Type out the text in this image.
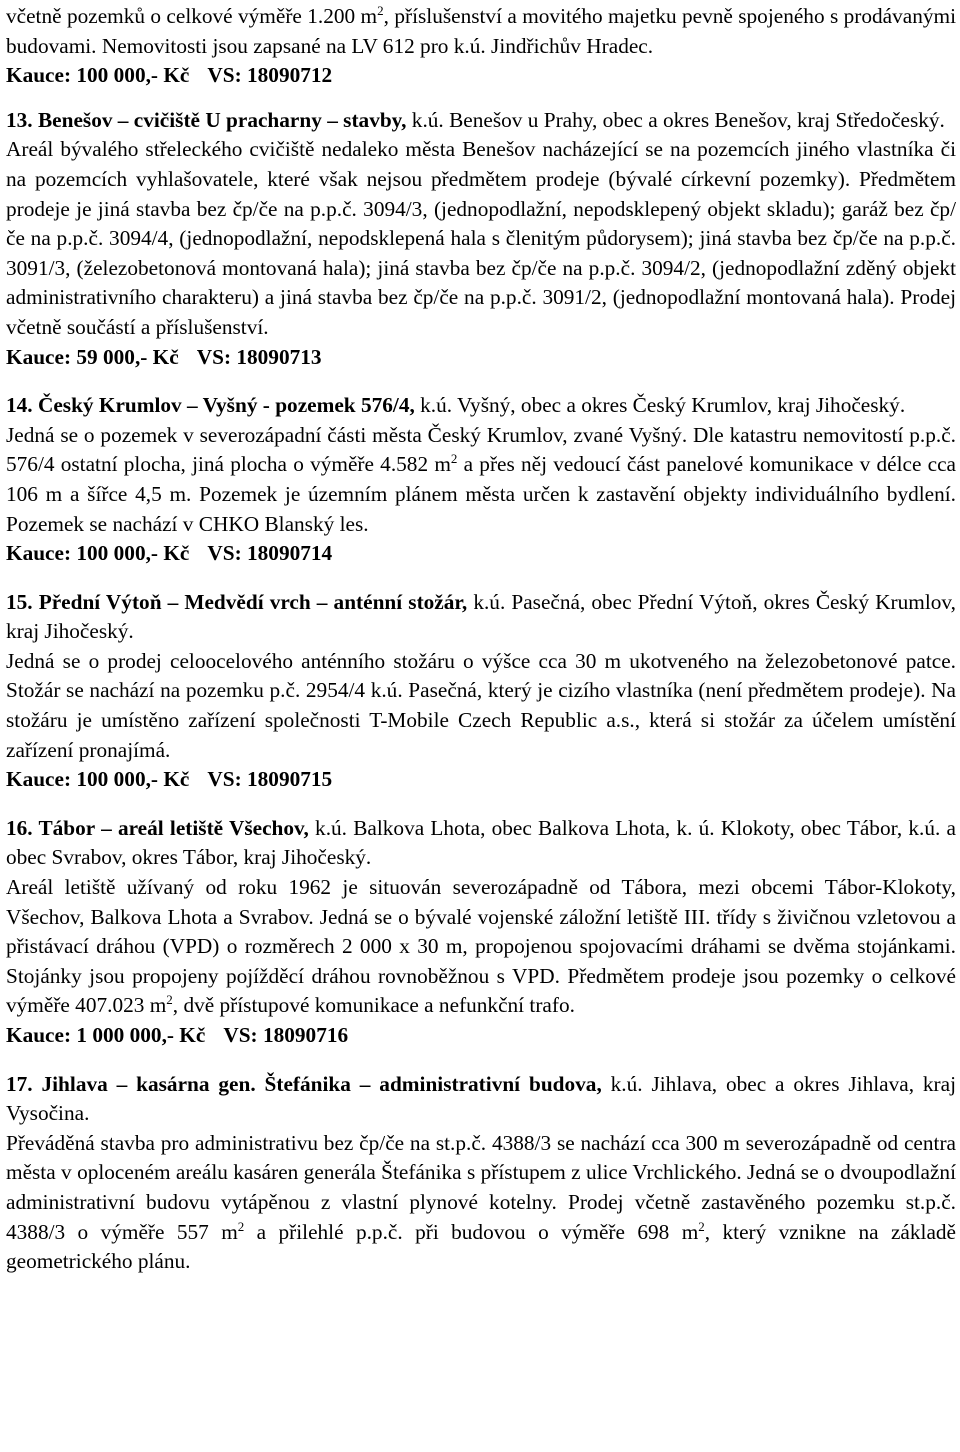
včetně pozemků o celkové výměře 1.200 $m^2$, příslušenství a movitého majetku pevně spojeného s prodávanými budovami. Nemovitosti jsou zapsané na LV 612 pro k.ú. Jindřichův Hradec.

Kauce: 100 000,- Kč VS: 18090712

13. Benešov – cvičiště U pracharny – stavby, k.ú. Benešov u Prahy, obec a okres Benešov, kraj Středočeský.

Areál bývalého střeleckého cvičiště nedaleko města Benešov nacházející se na pozemcích jiného vlastníka či na pozemcích vyhlašovatele, které však nejsou předmětem prodeje (bývalé církevní pozemky). Předmětem prodeje je jiná stavba bez čp/če na p.p.č. 3094/3, (jednopodlažní, nepodsklepený objekt skladu); garáž bez čp/če na p.p.č. 3094/4, (jednopodlažní, nepodsklepená hala s členitým půdorysem); jiná stavba bez čp/če na p.p.č. 3091/3, (železobetonová montovaná hala); jiná stavba bez čp/če na p.p.č. 3094/2, (jednopodlažní zděný objekt administrativního charakteru) a jiná stavba bez čp/če na p.p.č. 3091/2, (jednopodlažní montovaná hala). Prodej včetně součástí a příslušenství.

Kauce: 59 000,- Kč VS: 18090713

14. Český Krumlov – Vyšný - pozemek 576/4, k.ú. Vyšný, obec a okres Český Krumlov, kraj Jihočeský.

Jedná se o pozemek v severozápadní části města Český Krumlov, zvané Vyšný. Dle katastru nemovitostí p.p.č. 576/4 ostatní plocha, jiná plocha o výměře 4.582 $m^2$ a přes něj vedoucí část panelové komunikace v délce cca 106 m a šířce 4,5 m. Pozemek je územním plánem města určen k zastavění objekty individuálního bydlení. Pozemek se nachází v CHKO Blanský les.

Kauce: 100 000,- Kč VS: 18090714

15. Přední Výtoň – Medvědí vrch – anténní stožár, k.ú. Pasečná, obec Přední Výtoň, okres Český Krumlov, kraj Jihočeský.

Jedná se o prodej celoocelového anténního stožáru o výšce cca 30 m ukotveného na železobetonové patce. Stožár se nachází na pozemku p.č. 2954/4 k.ú. Pasečná, který je cizího vlastníka (není předmětem prodeje). Na stožáru je umístěno zařízení společnosti T-Mobile Czech Republic a.s., která si stožár za účelem umístění zařízení pronajímá.

Kauce: 100 000,- Kč VS: 18090715

16. Tábor – areál letiště Všechov, k.ú. Balkova Lhota, obec Balkova Lhota, k. ú. Klokoty, obec Tábor, k.ú. a obec Svrabov, okres Tábor, kraj Jihočeský.

Areál letiště užívaný od roku 1962 je situován severozápadně od Tábora, mezi obcemi Tábor-Klokoty, Všechov, Balkova Lhota a Svrabov. Jedná se o bývalé vojenské záložní letiště III. třídy s živičnou vzletovou a přistávací dráhou (VPD) o rozměrech 2 000 x 30 m, propojenou spojovacími dráhami se dvěma stojánkami. Stojánky jsou propojeny pojížděcí dráhou rovnoběžnou s VPD. Předmětem prodeje jsou pozemky o celkové výměře 407.023 $m^2$, dvě přístupové komunikace a nefunkční trafo.

Kauce: 1 000 000,- Kč VS: 18090716

17. Jihlava – kasárna gen. Štefánika – administrativní budova, k.ú. Jihlava, obec a okres Jihlava, kraj Vysočina.

Převáděná stavba pro administrativu bez čp/če na st.p.č. 4388/3 se nachází cca 300 m severozápadně od centra města v oploceném areálu kasáren generála Štefánika s přístupem z ulice Vrchlického. Jedná se o dvoupodlažní administrativní budovu vytápěnou z vlastní plynové kotelny. Prodej včetně zastavěného pozemku st.p.č. 4388/3 o výměře 557 $m^2$ a přilehlé p.p.č. při budovou o výměře 698 $m^2$, který vznikne na základě geometrického plánu.
